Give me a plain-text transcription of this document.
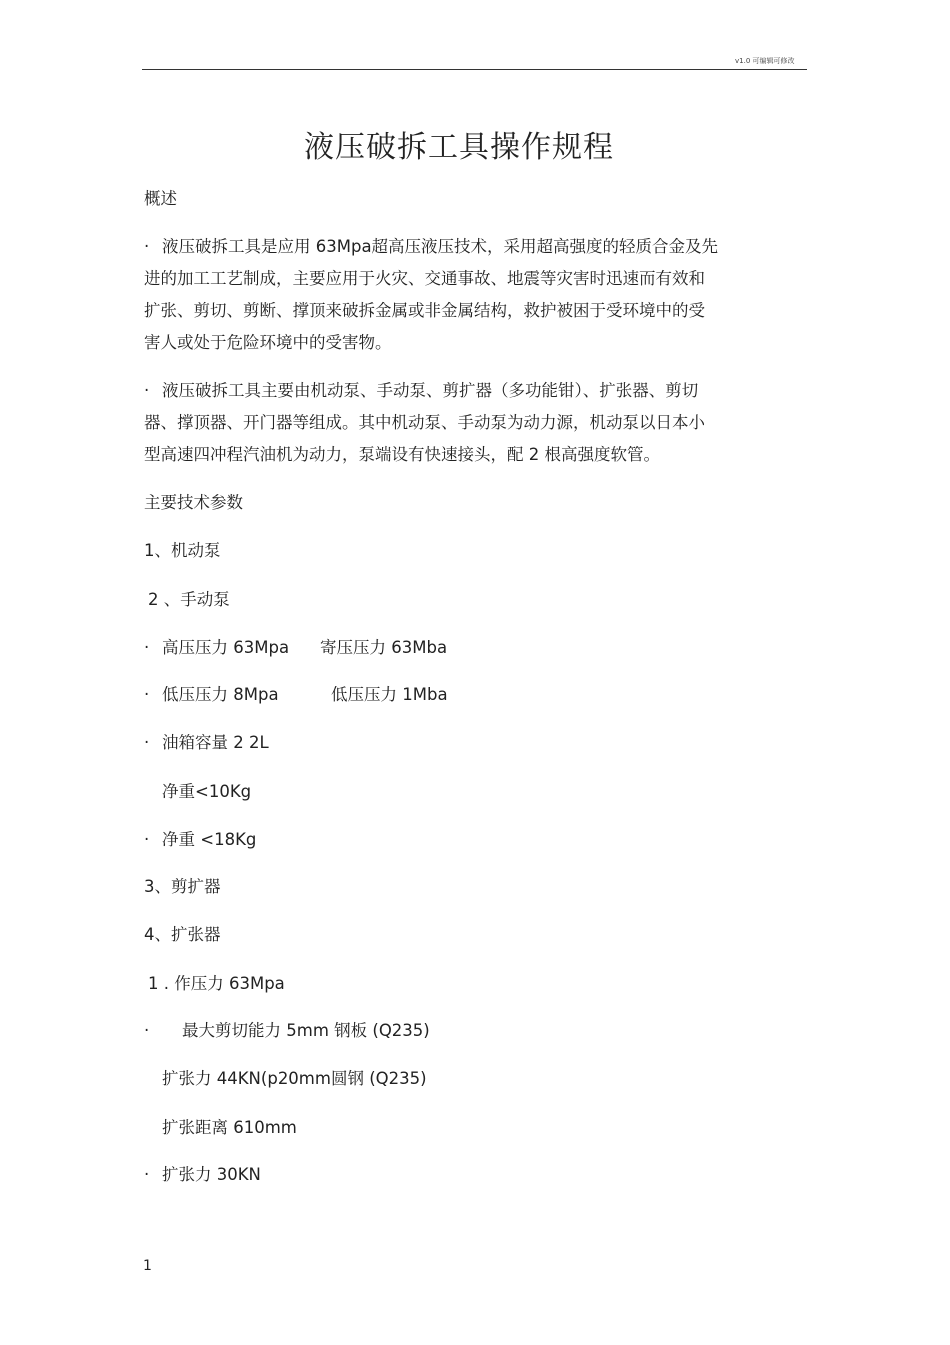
v1.0 可编辑可修改
液压破拆工具操作规程
概述
· 液压破拆工具是应用 63Mpa超高压液压技术，采用超高强度的轻质合金及先
进的加工工艺制成，主要应用于火灾、交通事故、地震等灾害时迅速而有效和
扩张、剪切、剪断、撑顶来破拆金属或非金属结构，救护被困于受环境中的受
害人或处于危险环境中的受害物。
· 液压破拆工具主要由机动泵、手动泵、剪扩器（多功能钳）、扩张器、剪切
器、撑顶器、开门器等组成。其中机动泵、手动泵为动力源，机动泵以日本小
型高速四冲程汽油机为动力，泵端设有快速接头，配 2 根高强度软管。
主要技术参数
1、机动泵
2 、手动泵
· 高压压力 63Mpa 寄压压力 63Mba
· 低压压力 8Mpa	低压压力 1Mba
· 油箱容量 2 2L
净重<10Kg
· 净重 <18Kg
3、剪扩器
4、扩张器
1 . 作压力 63Mpa
· 最大剪切能力 5mm 钢板 (Q235)
扩张力 44KN(p20mm圆钢 (Q235)
扩张距离 610mm
· 扩张力 30KN
1
